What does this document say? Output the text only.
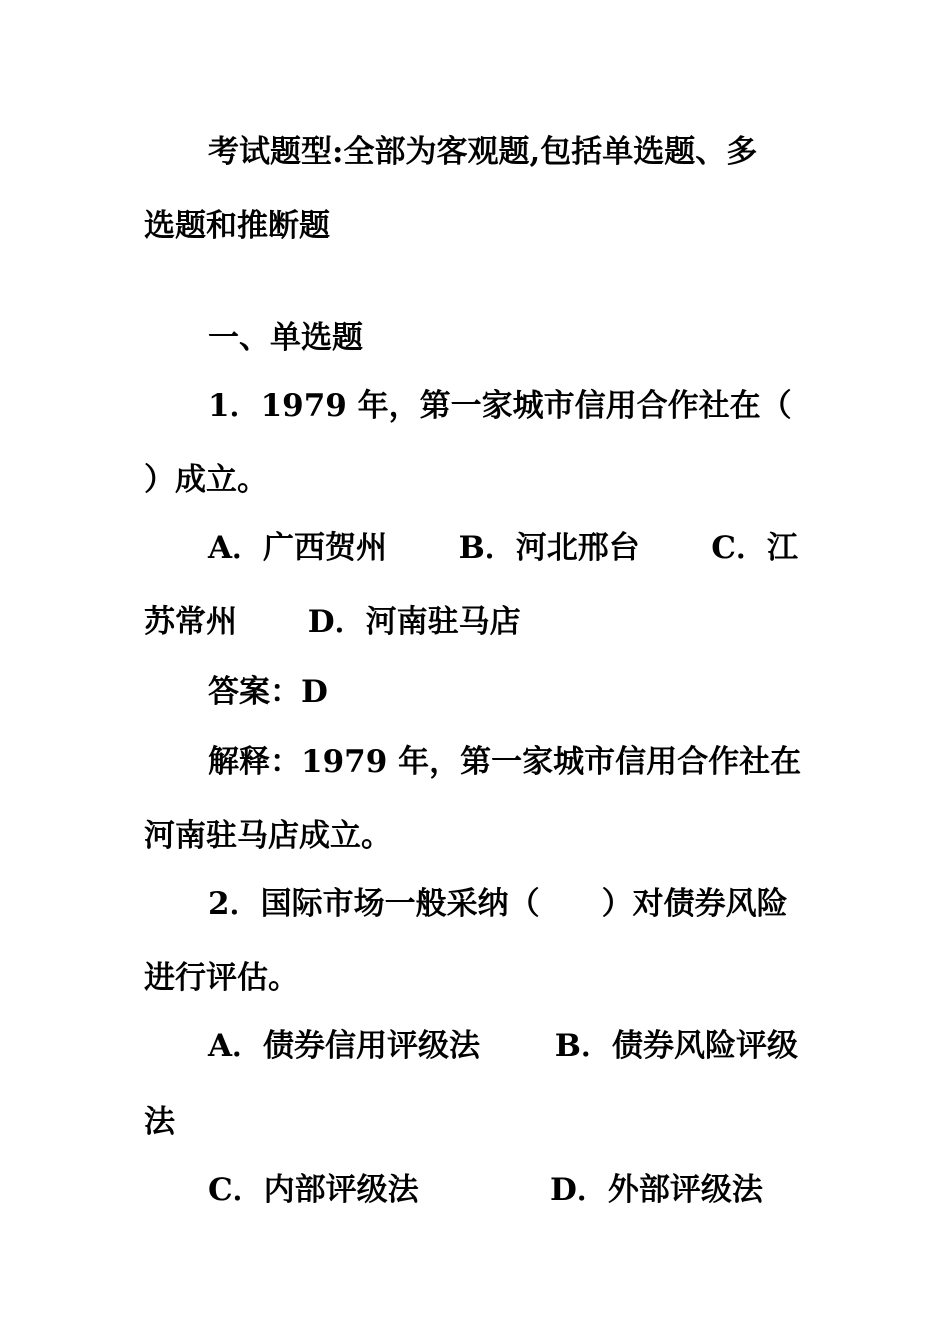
考试题型:全部为客观题,包括单选题、多
选题和推断题
一、单选题
1．1979 年，第一家城市信用合作社在（
）成立。
A．广西贺州 B．河北邢台 C．江
苏常州 D．河南驻马店
答案：D
解释：1979 年，第一家城市信用合作社在
河南驻马店成立。
2．国际市场一般采纳（　　）对债券风险
进行评估。
A．债券信用评级法 B．债券风险评级
法
C．内部评级法	D．外部评级法
